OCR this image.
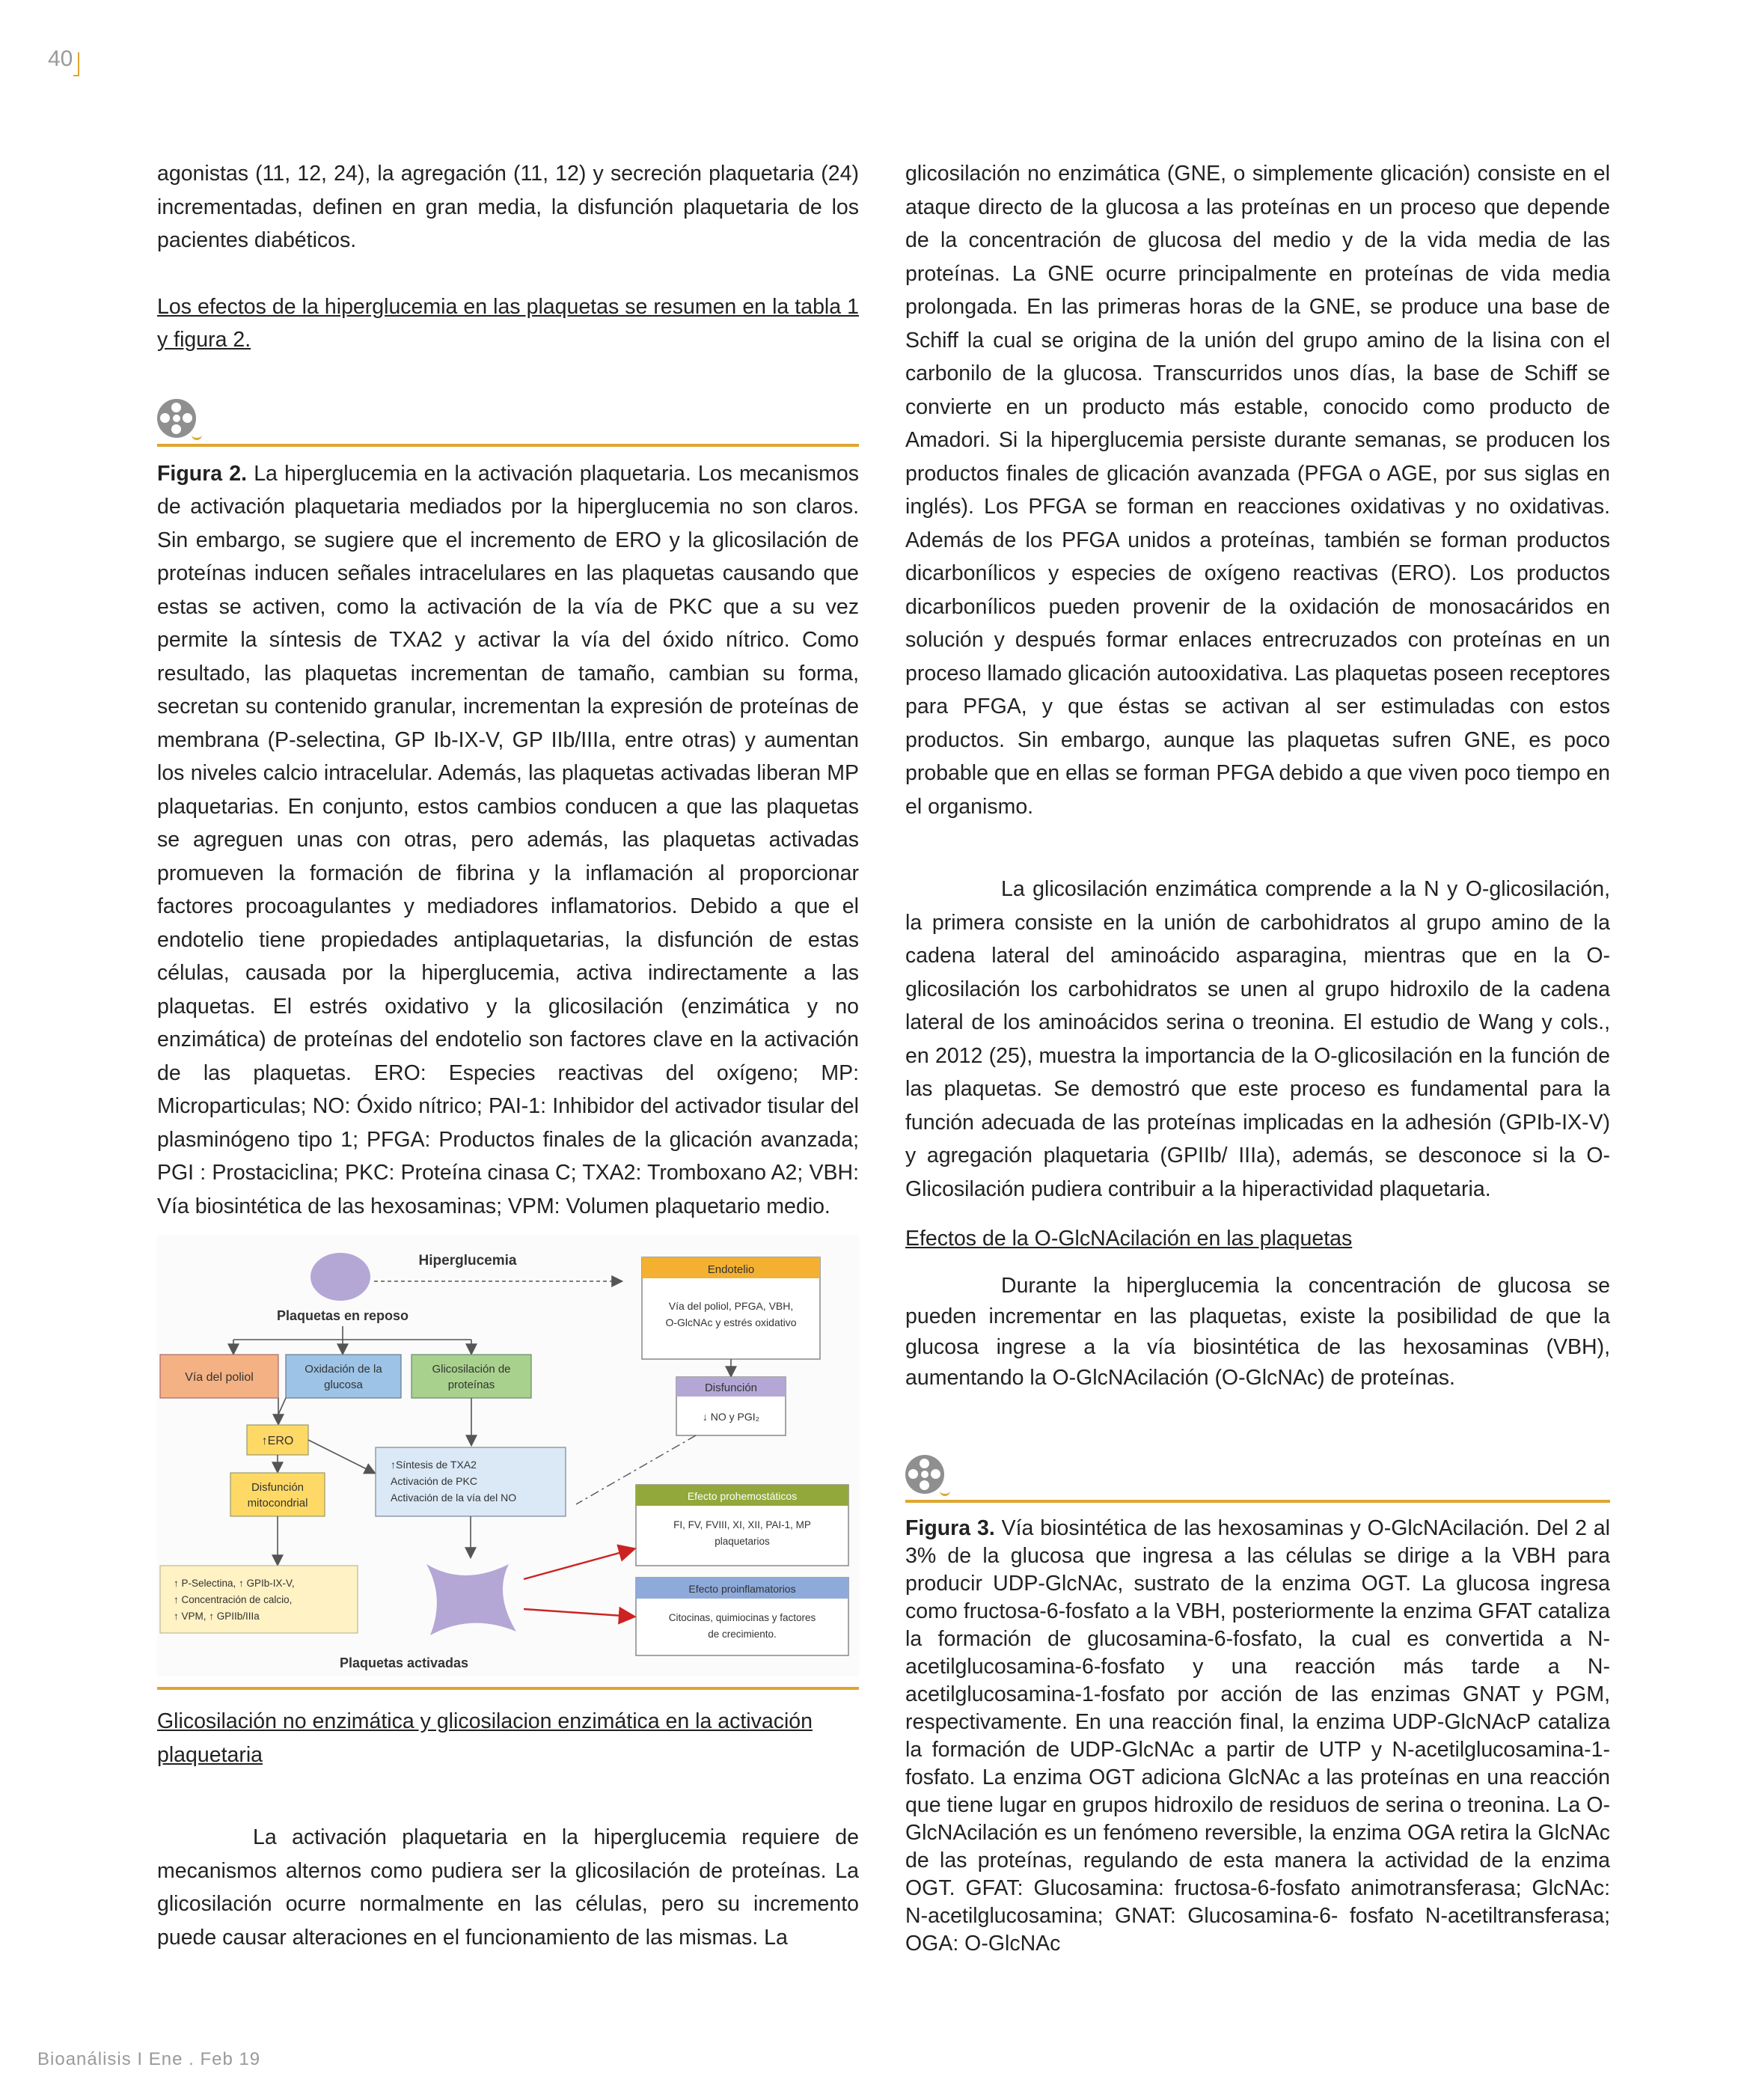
40

agonistas (11, 12, 24), la agregación (11, 12) y secreción plaquetaria (24) incrementadas, definen en gran media, la disfunción plaquetaria de los pacientes diabéticos.

Los efectos de la hiperglucemia en las plaquetas se resumen en la tabla 1 y figura 2.

Figura 2. La hiperglucemia en la activación plaquetaria. Los mecanismos de activación plaquetaria mediados por la hiperglucemia no son claros. Sin embargo, se sugiere que el incremento de ERO y la glicosilación de proteínas inducen señales intracelulares en las plaquetas causando que estas se activen, como la activación de la vía de PKC que a su vez permite la síntesis de TXA2 y activar la vía del óxido nítrico. Como resultado, las plaquetas incrementan de tamaño, cambian su forma, secretan su contenido granular, incrementan la expresión de proteínas de membrana (P-selectina, GP Ib-IX-V, GP IIb/IIIa, entre otras) y aumentan los niveles calcio intracelular. Además, las plaquetas activadas liberan MP plaquetarias. En conjunto, estos cambios conducen a que las plaquetas se agreguen unas con otras, pero además, las plaquetas activadas promueven la formación de fibrina y la inflamación al proporcionar factores procoagulantes y mediadores inflamatorios. Debido a que el endotelio tiene propiedades antiplaquetarias, la disfunción de estas células, causada por la hiperglucemia, activa indirectamente a las plaquetas. El estrés oxidativo y la glicosilación (enzimática y no enzimática) de proteínas del endotelio son factores clave en la activación de las plaquetas. ERO: Especies reactivas del oxígeno; MP: Microparticulas; NO: Óxido nítrico; PAI-1: Inhibidor del activador tisular del plasminógeno tipo 1; PFGA: Productos finales de la glicación avanzada; PGI : Prostaciclina; PKC: Proteína cinasa C; TXA2: Tromboxano A2; VBH: Vía biosintética de las hexosaminas; VPM: Volumen plaquetario medio.

Plaquetas en reposo
Hiperglucemia
Endotelio
Vía del poliol, PFGA, VBH,
O-GlcNAc y estrés oxidativo
Vía del poliol
Oxidación de la
glucosa
Glicosilación de
proteínas
↑ERO
Disfunción
mitocondrial
↑Síntesis de TXA2
Activación de PKC
Activación de la vía del NO
Disfunción
↓ NO y PGI₂
Efecto prohemostáticos
FI, FV, FVIII, XI, XII, PAI-1, MP
plaquetarios
Efecto proinflamatorios
Citocinas, quimiocinas y factores
de crecimiento.
Plaquetas activadas
↑ P-Selectina, ↑ GPIb-IX-V,
↑ Concentración de calcio,
↑ VPM, ↑ GPIIb/IIIa

Glicosilación no enzimática y glicosilacion enzimática en la activación plaquetaria

La activación plaquetaria en la hiperglucemia requiere de mecanismos alternos como pudiera ser la glicosilación de proteínas. La glicosilación ocurre normalmente en las células, pero su incremento puede causar alteraciones en el funcionamiento de las mismas. La

glicosilación no enzimática (GNE, o simplemente glicación) consiste en el ataque directo de la glucosa a las proteínas en un proceso que depende de la concentración de glucosa del medio y de la vida media de las proteínas. La GNE ocurre principalmente en proteínas de vida media prolongada. En las primeras horas de la GNE, se produce una base de Schiff la cual se origina de la unión del grupo amino de la lisina con el carbonilo de la glucosa. Transcurridos unos días, la base de Schiff se convierte en un producto más estable, conocido como producto de Amadori. Si la hiperglucemia persiste durante semanas, se producen los productos finales de glicación avanzada (PFGA o AGE, por sus siglas en inglés). Los PFGA se forman en reacciones oxidativas y no oxidativas. Además de los PFGA unidos a proteínas, también se forman productos dicarbonílicos y especies de oxígeno reactivas (ERO). Los productos dicarbonílicos pueden provenir de la oxidación de monosacáridos en solución y después formar enlaces entrecruzados con proteínas en un proceso llamado glicación autooxidativa. Las plaquetas poseen receptores para PFGA, y que éstas se activan al ser estimuladas con estos productos. Sin embargo, aunque las plaquetas sufren GNE, es poco probable que en ellas se forman PFGA debido a que viven poco tiempo en el organismo.

La glicosilación enzimática comprende a la N y O-glicosilación, la primera consiste en la unión de carbohidratos al grupo amino de la cadena lateral del aminoácido asparagina, mientras que en la O-glicosilación los carbohidratos se unen al grupo hidroxilo de la cadena lateral de los aminoácidos serina o treonina. El estudio de Wang y cols., en 2012 (25), muestra la importancia de la O-glicosilación en la función de las plaquetas. Se demostró que este proceso es fundamental para la función adecuada de las proteínas implicadas en la adhesión (GPIb-IX-V) y agregación plaquetaria (GPIIb/ IIIa), además, se desconoce si la O-Glicosilación pudiera contribuir a la hiperactividad plaquetaria.

Efectos de la O-GlcNAcilación en las plaquetas

Durante la hiperglucemia la concentración de glucosa se pueden incrementar en las plaquetas, existe la posibilidad de que la glucosa ingrese a la vía biosintética de las hexosaminas (VBH), aumentando la O-GlcNAcilación (O-GlcNAc) de proteínas.

Figura 3. Vía biosintética de las hexosaminas y O-GlcNAcilación. Del 2 al 3% de la glucosa que ingresa a las células se dirige a la VBH para producir UDP-GlcNAc, sustrato de la enzima OGT. La glucosa ingresa como fructosa-6-fosfato a la VBH, posteriormente la enzima GFAT cataliza la formación de glucosamina-6-fosfato, la cual es convertida a N-acetilglucosamina-6-fosfato y una reacción más tarde a N-acetilglucosamina-1-fosfato por acción de las enzimas GNAT y PGM, respectivamente. En una reacción final, la enzima UDP-GlcNAcP cataliza la formación de UDP-GlcNAc a partir de UTP y N-acetilglucosamina-1-fosfato. La enzima OGT adiciona GlcNAc a las proteínas en una reacción que tiene lugar en grupos hidroxilo de residuos de serina o treonina. La O-GlcNAcilación es un fenómeno reversible, la enzima OGA retira la GlcNAc de las proteínas, regulando de esta manera la actividad de la enzima OGT. GFAT: Glucosamina: fructosa-6-fosfato animotransferasa; GlcNAc: N-acetilglucosamina; GNAT: Glucosamina-6- fosfato N-acetiltransferasa; OGA: O-GlcNAc

Bioanálisis I Ene . Feb 19
